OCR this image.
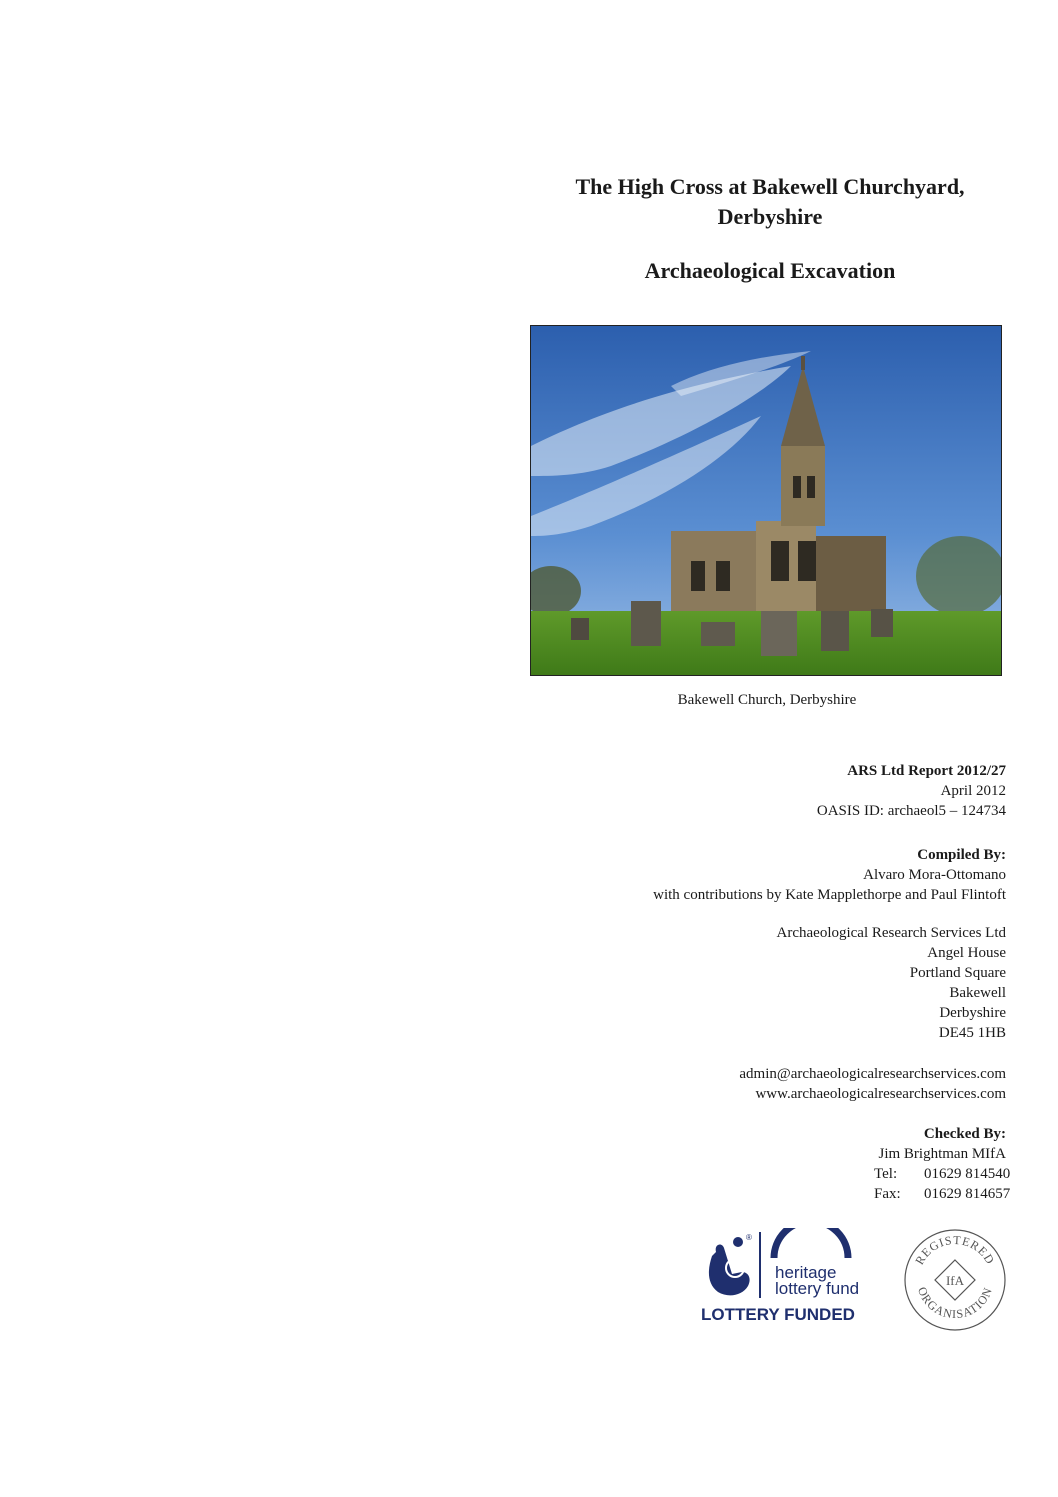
The High Cross at Bakewell Churchyard,
Derbyshire
Archaeological Excavation
Bakewell Church, Derbyshire
ARS Ltd Report 2012/27
April 2012
OASIS ID: archaeol5 – 124734
Compiled By:
Alvaro Mora-Ottomano
with contributions by Kate Mapplethorpe and Paul Flintoft
Archaeological Research Services Ltd
Angel House
Portland Square
Bakewell
Derbyshire
DE45 1HB
admin@archaeologicalresearchservices.com
www.archaeologicalresearchservices.com
Checked By:
Jim Brightman MIfA
Tel:	01629 814540
Fax:	01629 814657
®
heritage
lottery fund
LOTTERY FUNDED
REGISTERED
ORGANISATION
IfA
